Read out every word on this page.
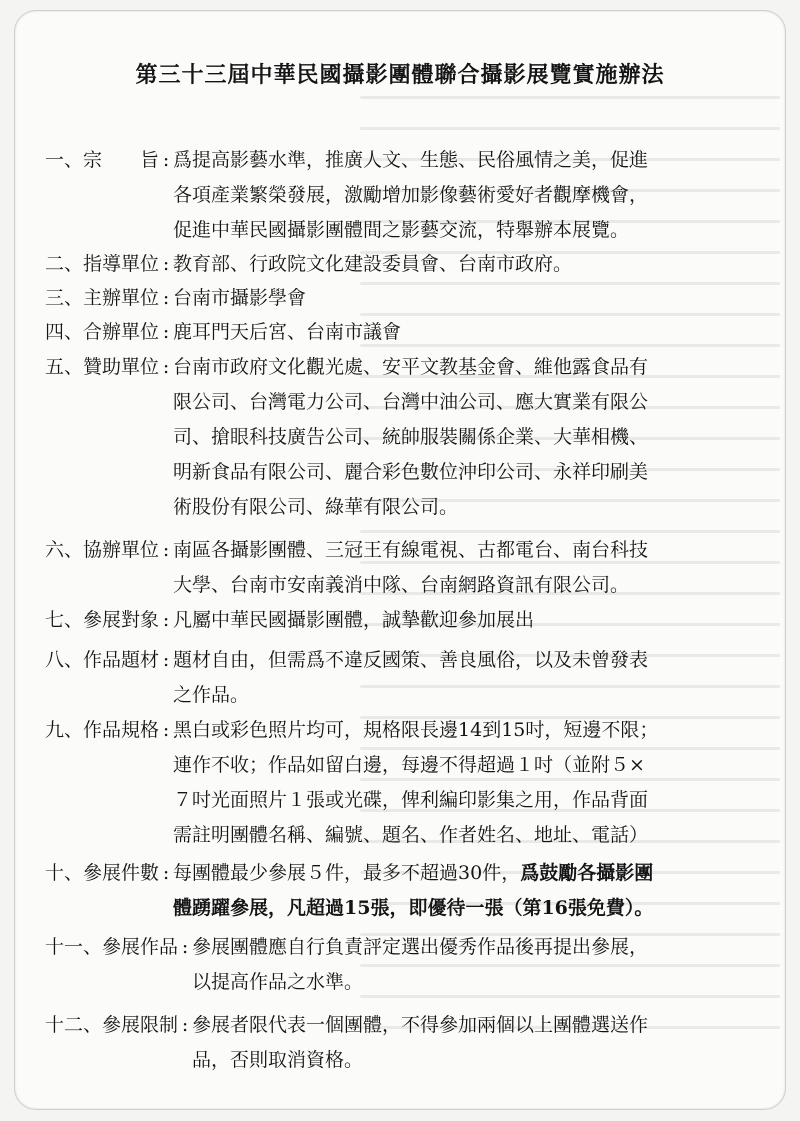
第三十三屆中華民國攝影團體聯合攝影展覽實施辦法
一、宗　　旨 : 爲提高影藝水準，推廣人文、生態、民俗風情之美，促進
各項產業繁榮發展，激勵增加影像藝術愛好者觀摩機會，
促進中華民國攝影團體間之影藝交流，特舉辦本展覽。
二、指導單位 : 教育部、行政院文化建設委員會、台南市政府。
三、主辦單位 : 台南市攝影學會
四、合辦單位 : 鹿耳門天后宮、台南市議會
五、贊助單位 : 台南市政府文化觀光處、安平文教基金會、維他露食品有
限公司、台灣電力公司、台灣中油公司、應大實業有限公
司、搶眼科技廣告公司、統帥服裝關係企業、大華相機、
明新食品有限公司、麗合彩色數位沖印公司、永祥印刷美
術股份有限公司、綠華有限公司。
六、協辦單位 : 南區各攝影團體、三冠王有線電視、古都電台、南台科技
大學、台南市安南義消中隊、台南網路資訊有限公司。
七、參展對象 : 凡屬中華民國攝影團體，誠摯歡迎參加展出
八、作品題材 : 題材自由，但需爲不違反國策、善良風俗，以及未曾發表
之作品。
九、作品規格 : 黑白或彩色照片均可，規格限長邊14到15吋，短邊不限；
連作不收；作品如留白邊，每邊不得超過１吋（並附５×
７吋光面照片１張或光碟，俾利編印影集之用，作品背面
需註明團體名稱、編號、題名、作者姓名、地址、電話）
十、參展件數 : 每團體最少參展５件，最多不超過30件，爲鼓勵各攝影團
體踴躍參展，凡超過15張，即優待一張（第16張免費）。
十一、參展作品 : 參展團體應自行負責評定選出優秀作品後再提出參展，
以提高作品之水準。
十二、參展限制 : 參展者限代表一個團體，不得參加兩個以上團體選送作
品，否則取消資格。
